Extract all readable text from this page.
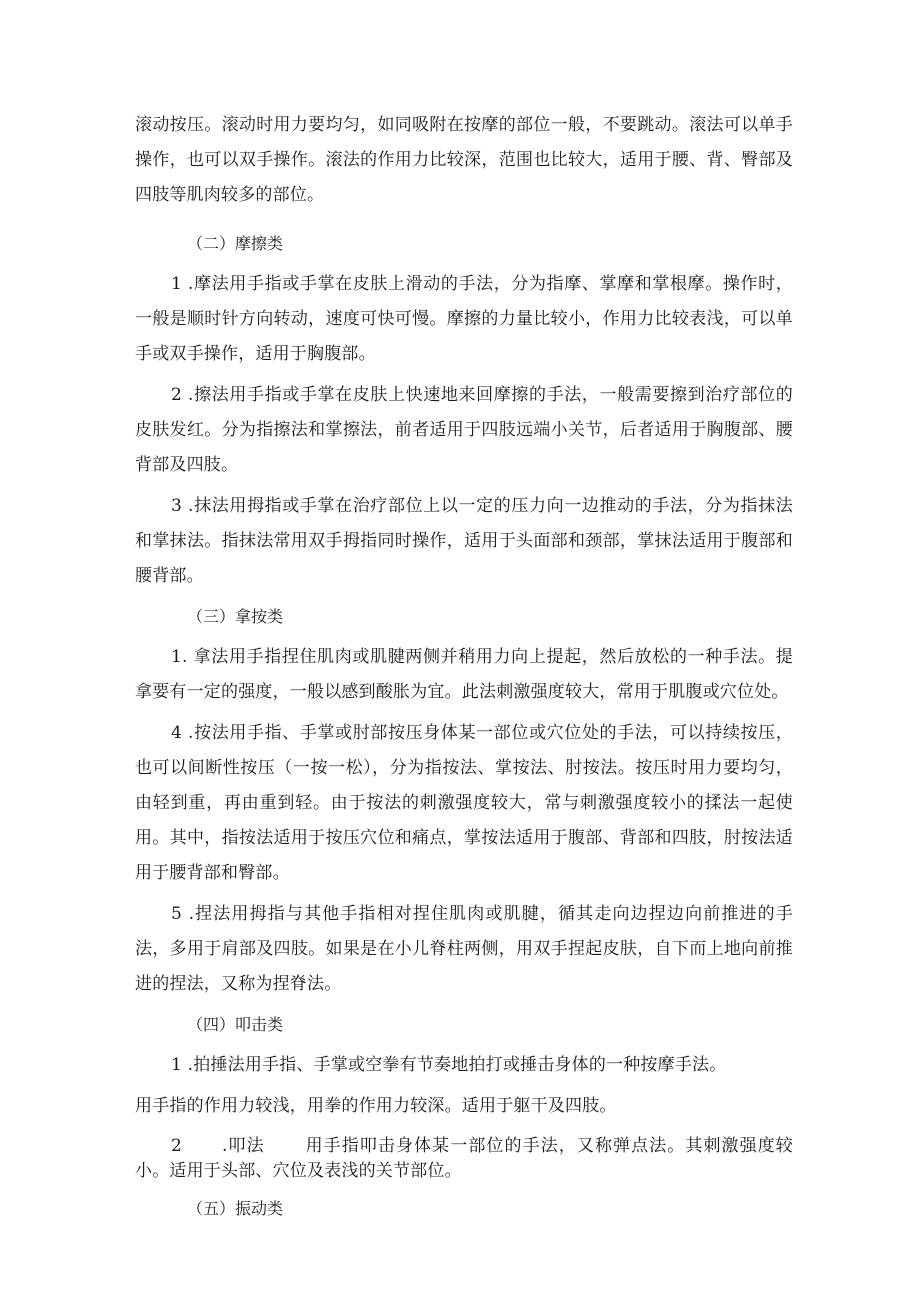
滚动按压。滚动时用力要均匀，如同吸附在按摩的部位一般，不要跳动。滚法可以单手操作，也可以双手操作。滚法的作用力比较深，范围也比较大，适用于腰、背、臀部及四肢等肌肉较多的部位。

（二）摩擦类

1 .摩法用手指或手掌在皮肤上滑动的手法，分为指摩、掌摩和掌根摩。操作时，一般是顺时针方向转动，速度可快可慢。摩擦的力量比较小，作用力比较表浅，可以单手或双手操作，适用于胸腹部。

2 .擦法用手指或手掌在皮肤上快速地来回摩擦的手法，一般需要擦到治疗部位的皮肤发红。分为指擦法和掌擦法，前者适用于四肢远端小关节，后者适用于胸腹部、腰背部及四肢。

3 .抹法用拇指或手掌在治疗部位上以一定的压力向一边推动的手法，分为指抹法和掌抹法。指抹法常用双手拇指同时操作，适用于头面部和颈部，掌抹法适用于腹部和腰背部。

（三）拿按类

1. 拿法用手指捏住肌肉或肌腱两侧并稍用力向上提起，然后放松的一种手法。提拿要有一定的强度，一般以感到酸胀为宜。此法刺激强度较大，常用于肌腹或穴位处。

4 .按法用手指、手掌或肘部按压身体某一部位或穴位处的手法，可以持续按压，也可以间断性按压（一按一松），分为指按法、掌按法、肘按法。按压时用力要均匀，由轻到重，再由重到轻。由于按法的刺激强度较大，常与刺激强度较小的揉法一起使用。其中，指按法适用于按压穴位和痛点，掌按法适用于腹部、背部和四肢，肘按法适用于腰背部和臀部。

5 .捏法用拇指与其他手指相对捏住肌肉或肌腱，循其走向边捏边向前推进的手法，多用于肩部及四肢。如果是在小儿脊柱两侧，用双手捏起皮肤，自下而上地向前推进的捏法，又称为捏脊法。

（四）叩击类

1 .拍捶法用手指、手掌或空拳有节奏地拍打或捶击身体的一种按摩手法。

用手指的作用力较浅，用拳的作用力较深。适用于躯干及四肢。

2 .叩法 用手指叩击身体某一部位的手法，又称弹点法。其刺激强度较小。适用于头部、穴位及表浅的关节部位。

（五）振动类
